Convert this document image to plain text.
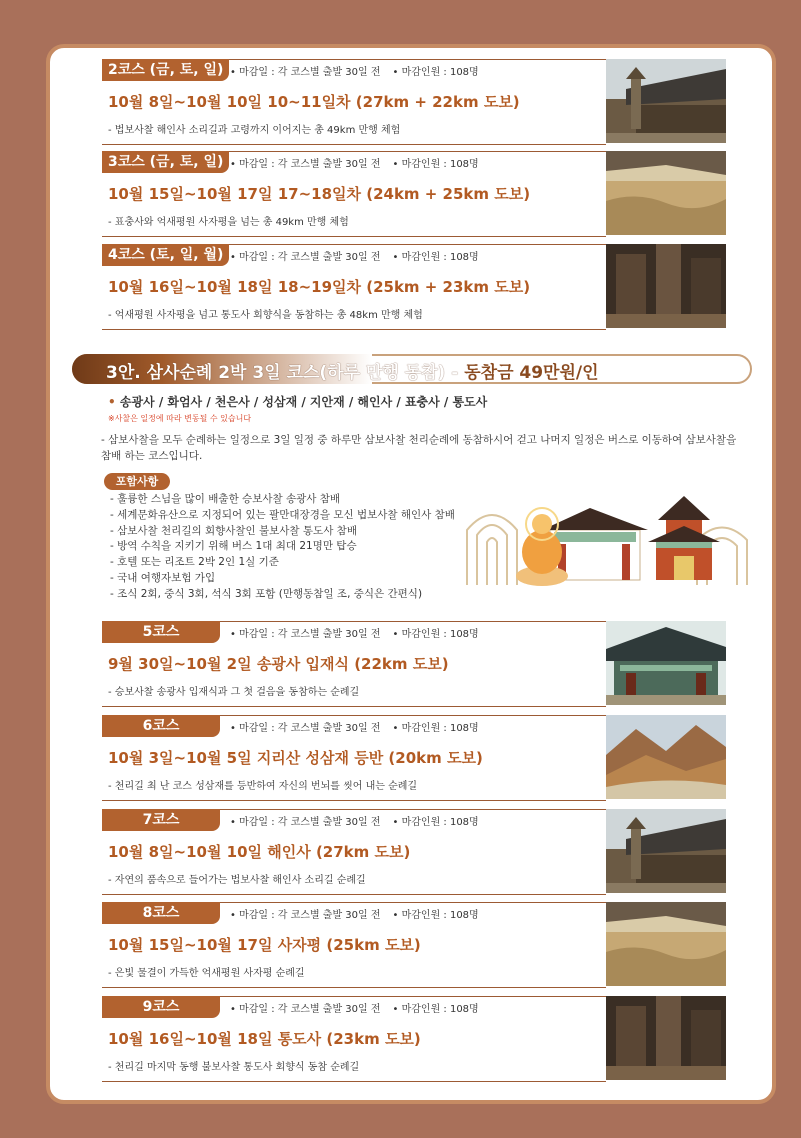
2코스 (금, 토, 일) • 마감일 : 각 코스별 출발 30일 전 • 마감인원 : 108명
10월 8일~10월 10일 10~11일차 (27km + 22km 도보)
- 법보사찰 해인사 소리길과 고령까지 이어지는 총 49km 만행 체험
3코스 (금, 토, 일) • 마감일 : 각 코스별 출발 30일 전 • 마감인원 : 108명
10월 15일~10월 17일 17~18일차 (24km + 25km 도보)
- 표충사와 억새평원 사자평을 넘는 총 49km 만행 체험
4코스 (토, 일, 월) • 마감일 : 각 코스별 출발 30일 전 • 마감인원 : 108명
10월 16일~10월 18일 18~19일차 (25km + 23km 도보)
- 억새평원 사자평을 넘고 통도사 회향식을 동참하는 총 48km 만행 체험
3안. 삼사순례 2박 3일 코스(하루 만행 동참) - 동참금 49만원/인
• 송광사 / 화엄사 / 천은사 / 성삼재 / 지안재 / 해인사 / 표충사 / 통도사
※사찰은 일정에 따라 변동될 수 있습니다
- 삼보사찰을 모두 순례하는 일정으로 3일 일정 중 하루만 삼보사찰 천리순례에 동참하시어 걷고 나머지 일정은 버스로 이동하여 삼보사찰을 참배 하는 코스입니다.
포함사항
- 훌륭한 스님을 많이 배출한 승보사찰 송광사 참배
- 세계문화유산으로 지정되어 있는 팔만대장경을 모신 법보사찰 해인사 참배
- 삼보사찰 천리길의 회향사찰인 불보사찰 통도사 참배
- 방역 수칙을 지키기 위해 버스 1대 최대 21명만 탑승
- 호텔 또는 리조트 2박 2인 1실 기준
- 국내 여행자보험 가입
- 조식 2회, 중식 3회, 석식 3회 포함 (만행동참일 조, 중식은 간편식)
5코스	• 마감일 : 각 코스별 출발 30일 전 • 마감인원 : 108명
9월 30일~10월 2일 송광사 입재식 (22km 도보)
- 승보사찰 송광사 입재식과 그 첫 걸음을 동참하는 순례길
6코스	• 마감일 : 각 코스별 출발 30일 전 • 마감인원 : 108명
10월 3일~10월 5일 지리산 성삼재 등반 (20km 도보)
- 천리길 최 난 코스 성삼재를 등반하여 자신의 번뇌를 씻어 내는 순례길
7코스	• 마감일 : 각 코스별 출발 30일 전 • 마감인원 : 108명
10월 8일~10월 10일 해인사 (27km 도보)
- 자연의 품속으로 들어가는 법보사찰 해인사 소리길 순례길
8코스	• 마감일 : 각 코스별 출발 30일 전 • 마감인원 : 108명
10월 15일~10월 17일 사자평 (25km 도보)
- 은빛 물결이 가득한 억새평원 사자평 순례길
9코스	• 마감일 : 각 코스별 출발 30일 전 • 마감인원 : 108명
10월 16일~10월 18일 통도사 (23km 도보)
- 천리길 마지막 동행 불보사찰 통도사 회향식 동참 순례길
